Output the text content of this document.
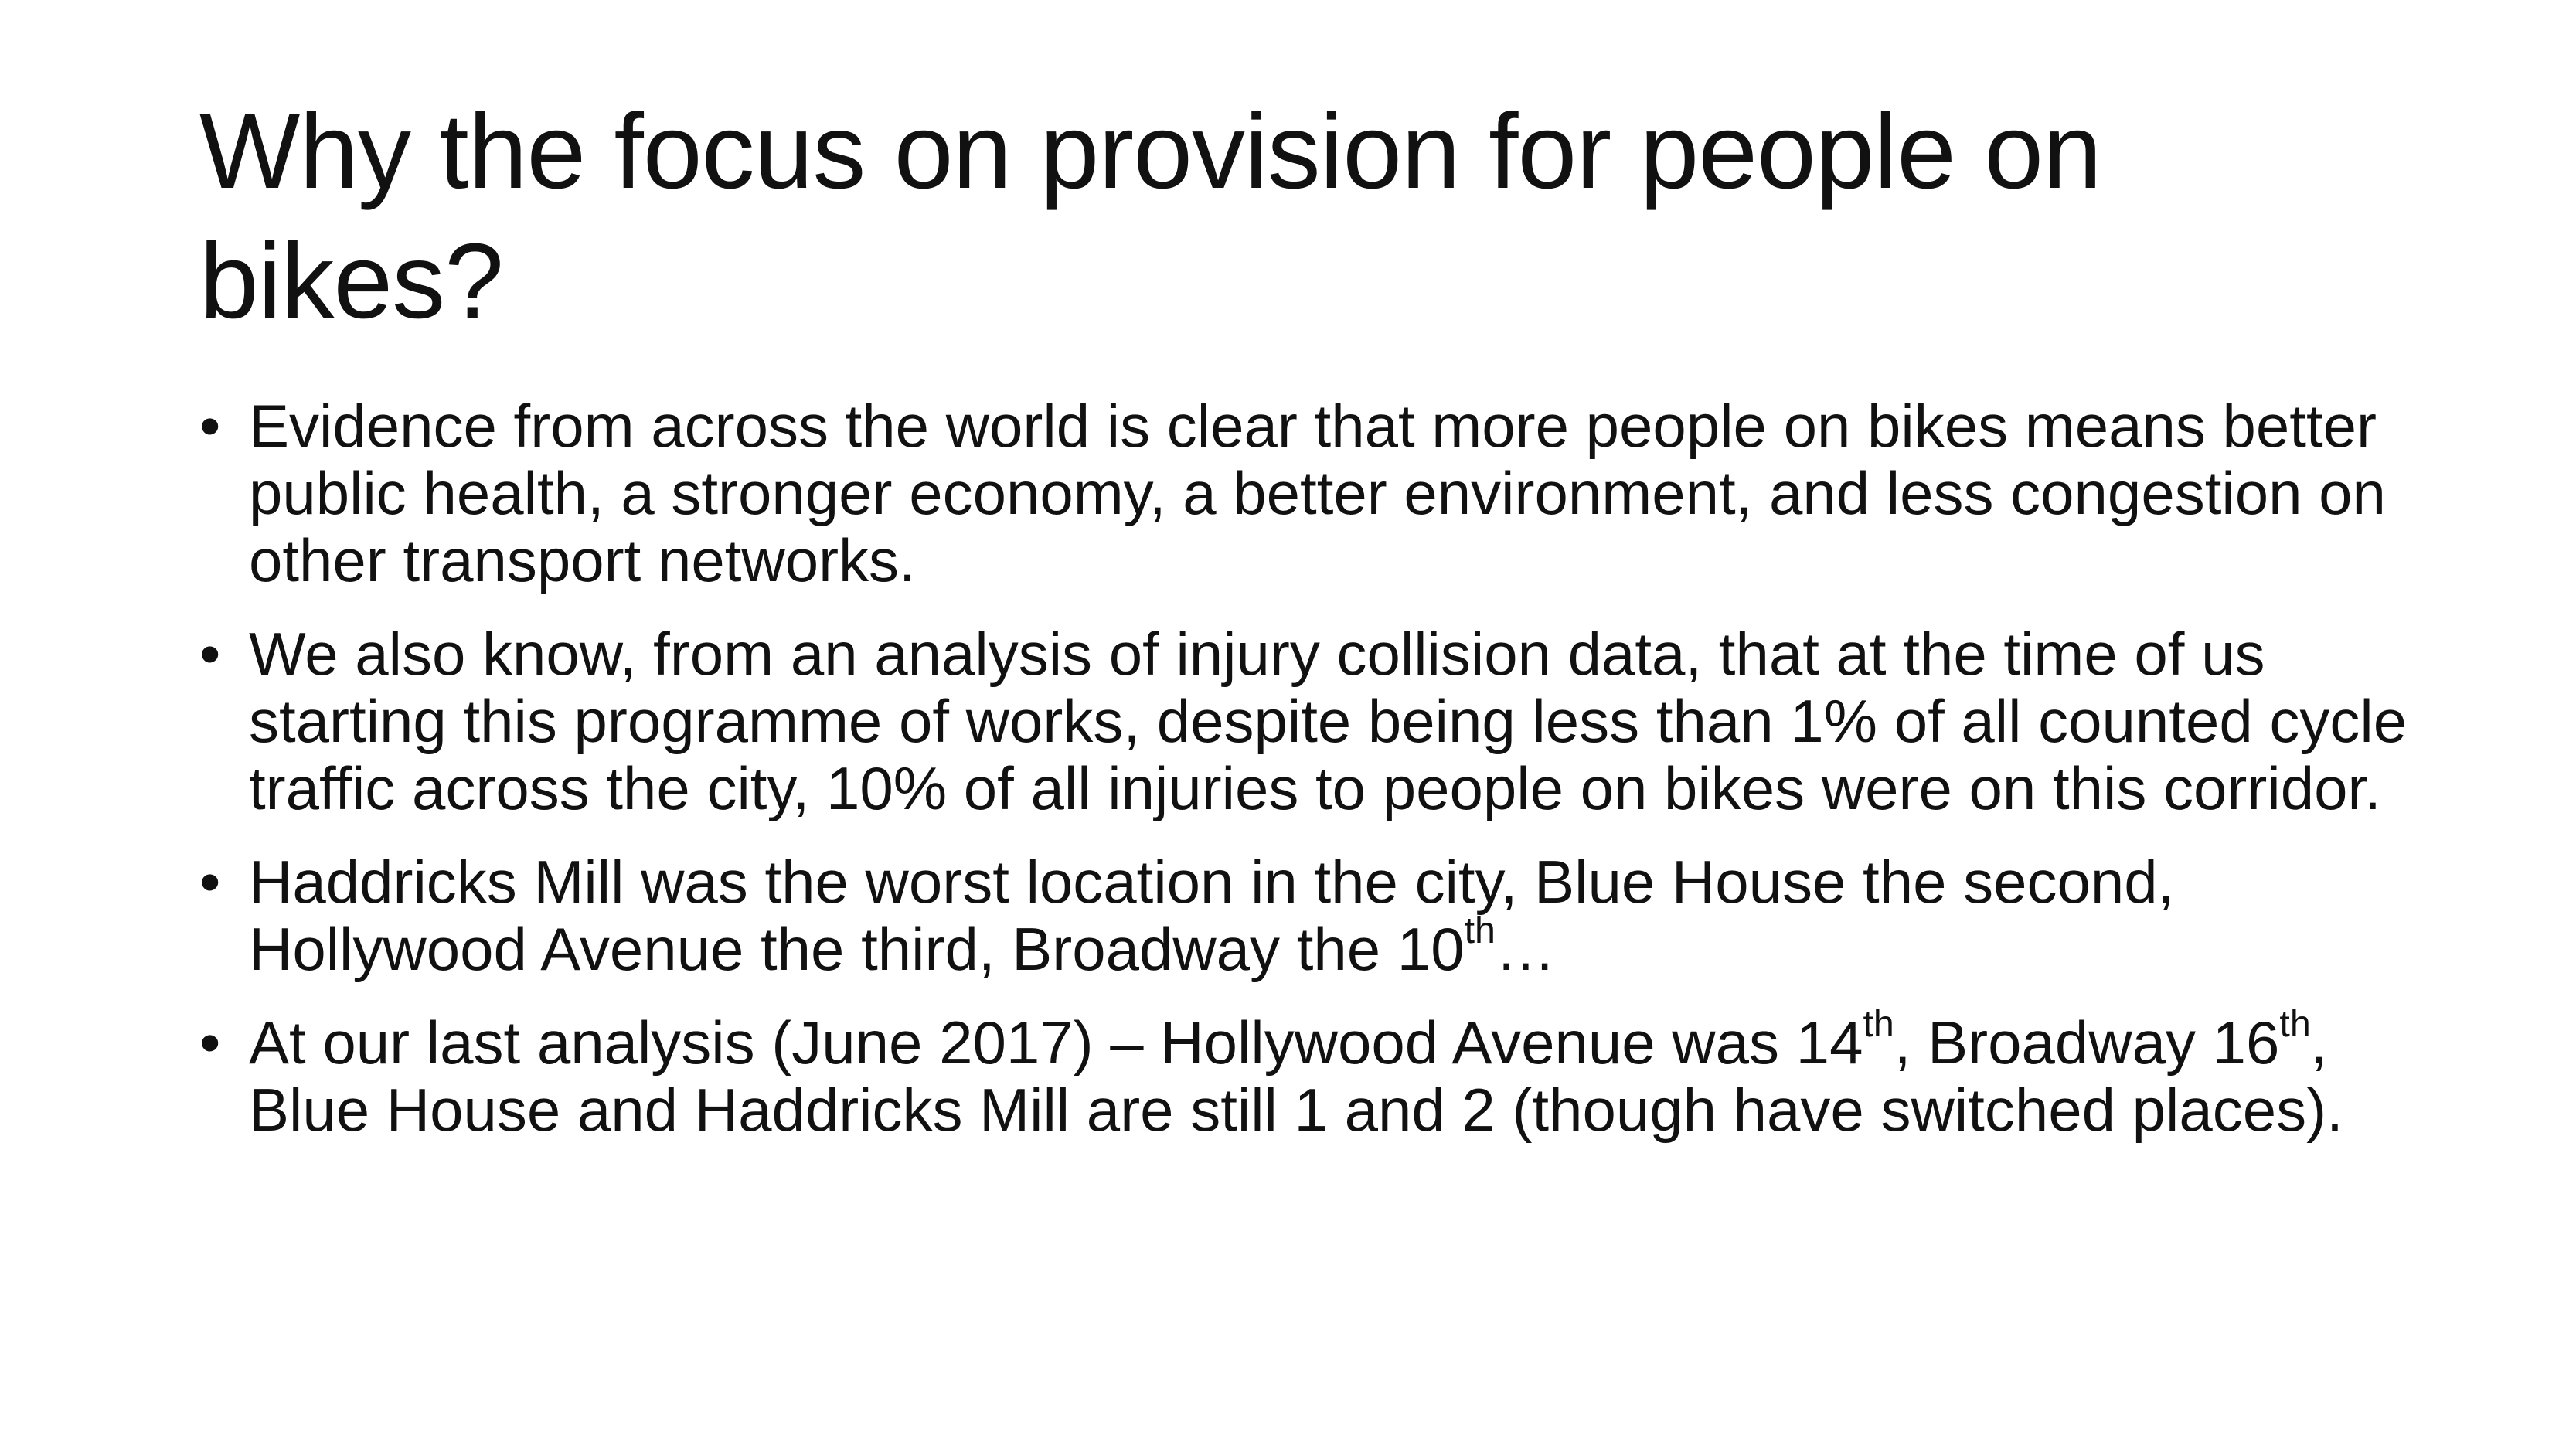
Why the focus on provision for people on bikes?
• Evidence from across the world is clear that more people on bikes means better public health, a stronger economy, a better environment, and less congestion on other transport networks.
• We also know, from an analysis of injury collision data, that at the time of us starting this programme of works, despite being less than 1% of all counted cycle traffic across the city, 10% of all injuries to people on bikes were on this corridor.
• Haddricks Mill was the worst location in the city, Blue House the second, Hollywood Avenue the third, Broadway the 10th…
• At our last analysis (June 2017) – Hollywood Avenue was 14th, Broadway 16th, Blue House and Haddricks Mill are still 1 and 2 (though have switched places).
